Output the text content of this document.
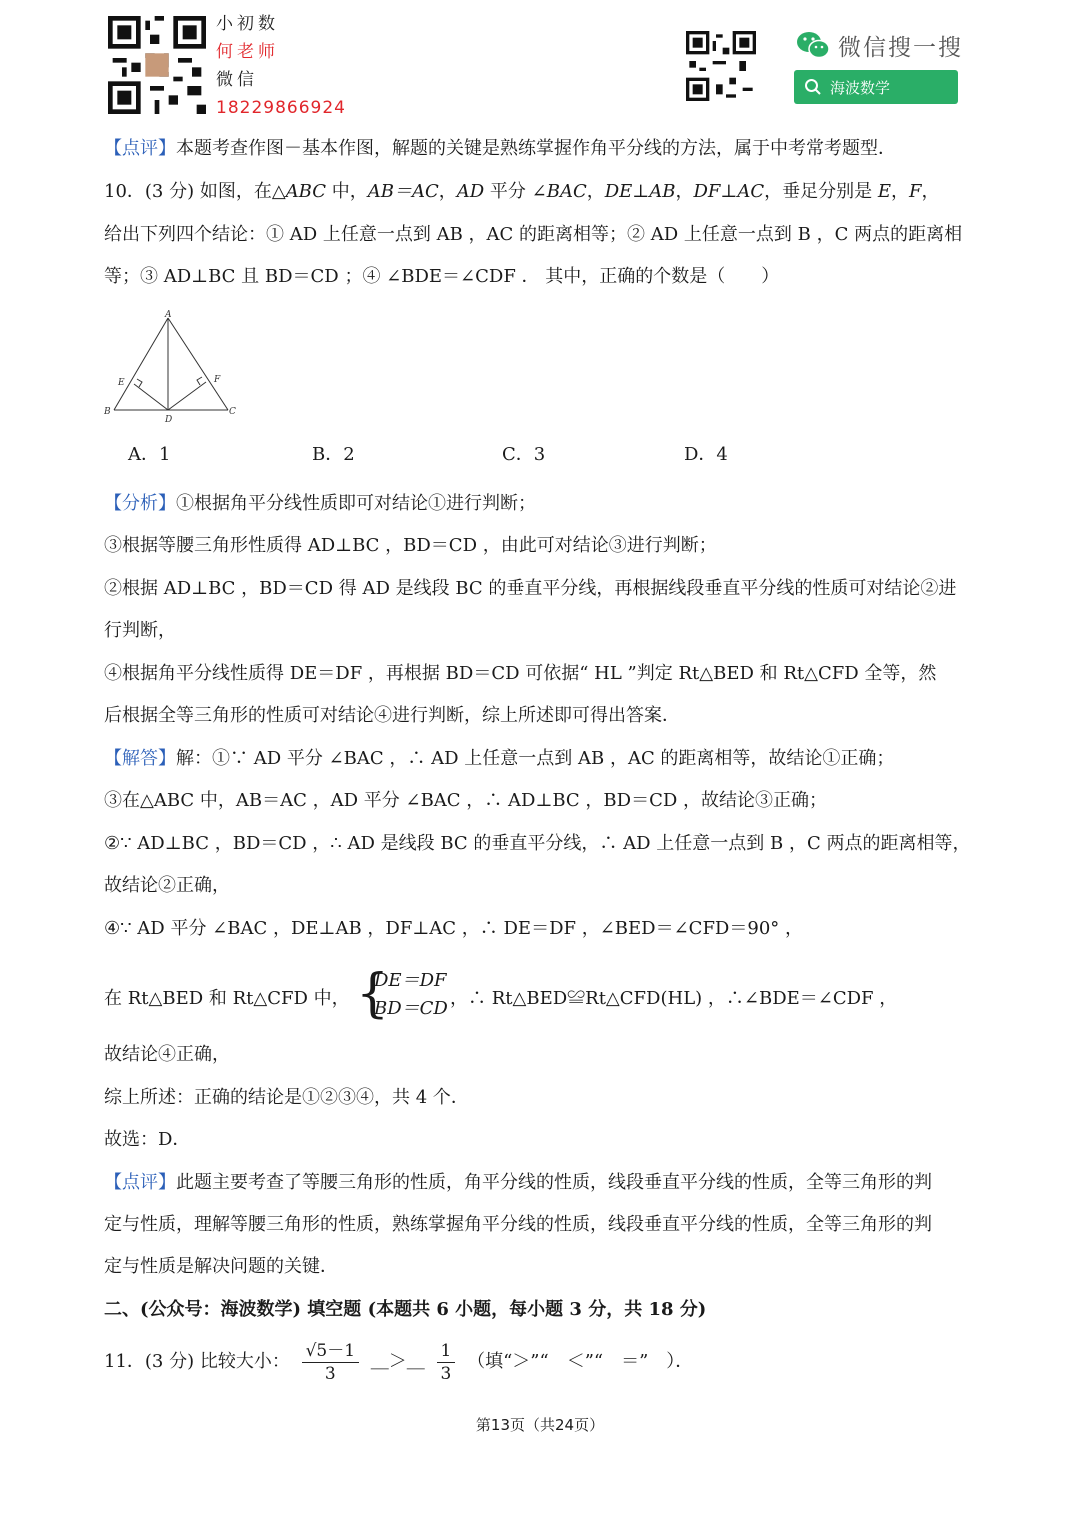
小初数
何老师
微信
18229866924
微信搜一搜
海波数学
【点评】本题考查作图－基本作图，解题的关键是熟练掌握作角平分线的方法，属于中考常考题型．
10．(3 分) 如图，在△ABC 中，AB＝AC，AD 平分 ∠BAC，DE⊥AB，DF⊥AC，垂足分别是 E，F，
给出下列四个结论：① AD 上任意一点到 AB ，AC 的距离相等；② AD 上任意一点到 B ，C 两点的距离相
等；③ AD⊥BC 且 BD＝CD ；④ ∠BDE＝∠CDF ． 其中，正确的个数是（　　）
A
B	C
D
E	F
A．1	B．2	C．3	D．4
【分析】①根据角平分线性质即可对结论①进行判断；
③根据等腰三角形性质得 AD⊥BC ，BD＝CD ，由此可对结论③进行判断；
②根据 AD⊥BC ，BD＝CD 得 AD 是线段 BC 的垂直平分线，再根据线段垂直平分线的性质可对结论②进
行判断，
④根据角平分线性质得 DE＝DF ，再根据 BD＝CD 可依据“ HL ”判定 Rt△BED 和 Rt△CFD 全等，然
后根据全等三角形的性质可对结论④进行判断，综上所述即可得出答案．
【解答】解：①∵ AD 平分 ∠BAC ，∴ AD 上任意一点到 AB ，AC 的距离相等，故结论①正确；
③在△ABC 中，AB＝AC ，AD 平分 ∠BAC ，∴ AD⊥BC ，BD＝CD ，故结论③正确；
②∵ AD⊥BC ，BD＝CD ，∴ AD 是线段 BC 的垂直平分线，∴ AD 上任意一点到 B ，C 两点的距离相等，
故结论②正确，
④∵ AD 平分 ∠BAC ，DE⊥AB ，DF⊥AC ，∴ DE＝DF ，∠BED＝∠CFD＝90° ，
在 Rt△BED 和 Rt△CFD 中， {
DE＝DF
BD＝CD ，∴ Rt△BED≌Rt△CFD(HL) ，∴∠BDE＝∠CDF ，
故结论④正确，
综上所述：正确的结论是①②③④，共 4 个．
故选：D．
【点评】此题主要考查了等腰三角形的性质，角平分线的性质，线段垂直平分线的性质，全等三角形的判
定与性质，理解等腰三角形的性质，熟练掌握角平分线的性质，线段垂直平分线的性质，全等三角形的判
定与性质是解决问题的关键．
二、(公众号：海波数学) 填空题 (本题共 6 小题，每小题 3 分，共 18 分)
11．(3 分) 比较大小： $\frac{√5-1}{3}$ ＿＞＿ $\frac{1}{3}$ （填“＞”“　＜”“　＝”　）．
第13页（共24页）
